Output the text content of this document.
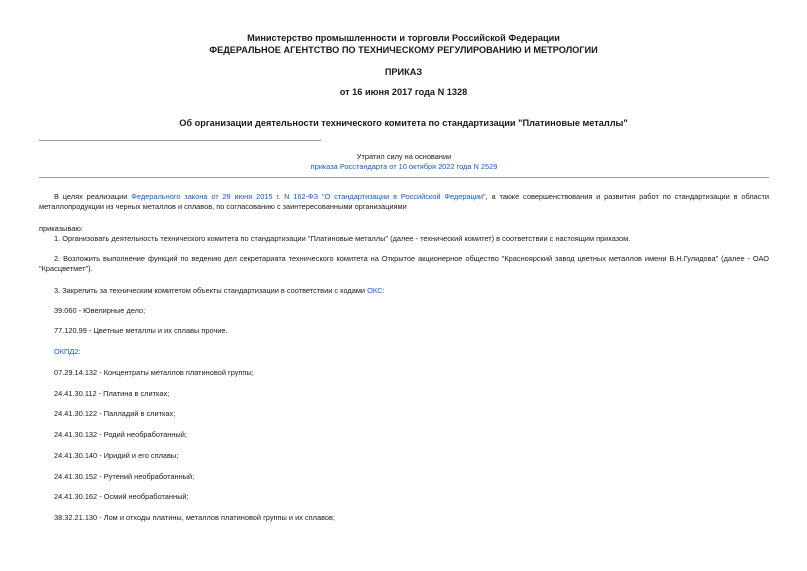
Министерство промышленности и торговли Российской Федерации
ФЕДЕРАЛЬНОЕ АГЕНТСТВО ПО ТЕХНИЧЕСКОМУ РЕГУЛИРОВАНИЮ И МЕТРОЛОГИИ
ПРИКАЗ
от 16 июня 2017 года N 1328
Об организации деятельности технического комитета по стандартизации "Платиновые металлы"
Утратил силу на основании
приказа Росстандарта от 10 октября 2022 года N 2529
В целях реализации Федерального закона от 29 июня 2015 г. N 162-ФЗ "О стандартизации в Российской Федерации", а также совершенствования и развития работ по стандартизации в области металлопродукции из черных металлов и сплавов, по согласованию с заинтересованными организациями
приказываю:
1. Организовать деятельность технического комитета по стандартизации "Платиновые металлы" (далее - технический комитет) в соответствии с настоящим приказом.
2. Возложить выполнение функций по ведению дел секретариата технического комитета на Открытое акционерное общество "Красноярский завод цветных металлов имени В.Н.Гулидова" (далее - ОАО "Красцветмет").
3. Закрепить за техническим комитетом объекты стандартизации в соответствии с кодами ОКС:
39.060 - Ювелирные дело;
77.120.99 - Цветные металлы и их сплавы прочие.
ОКПД2:
07.29.14.132 - Концентраты металлов платиновой группы;
24.41.30.112 - Платина в слитках;
24.41.30.122 - Палладий в слитках;
24.41.30.132 - Родий необработанный;
24.41.30.140 - Иридий и его сплавы;
24.41.30.152 - Рутений необработанный;
24.41.30.162 - Осмий необработанный;
38.32.21.130 - Лом и отходы платины, металлов платиновой группы и их сплавов;
